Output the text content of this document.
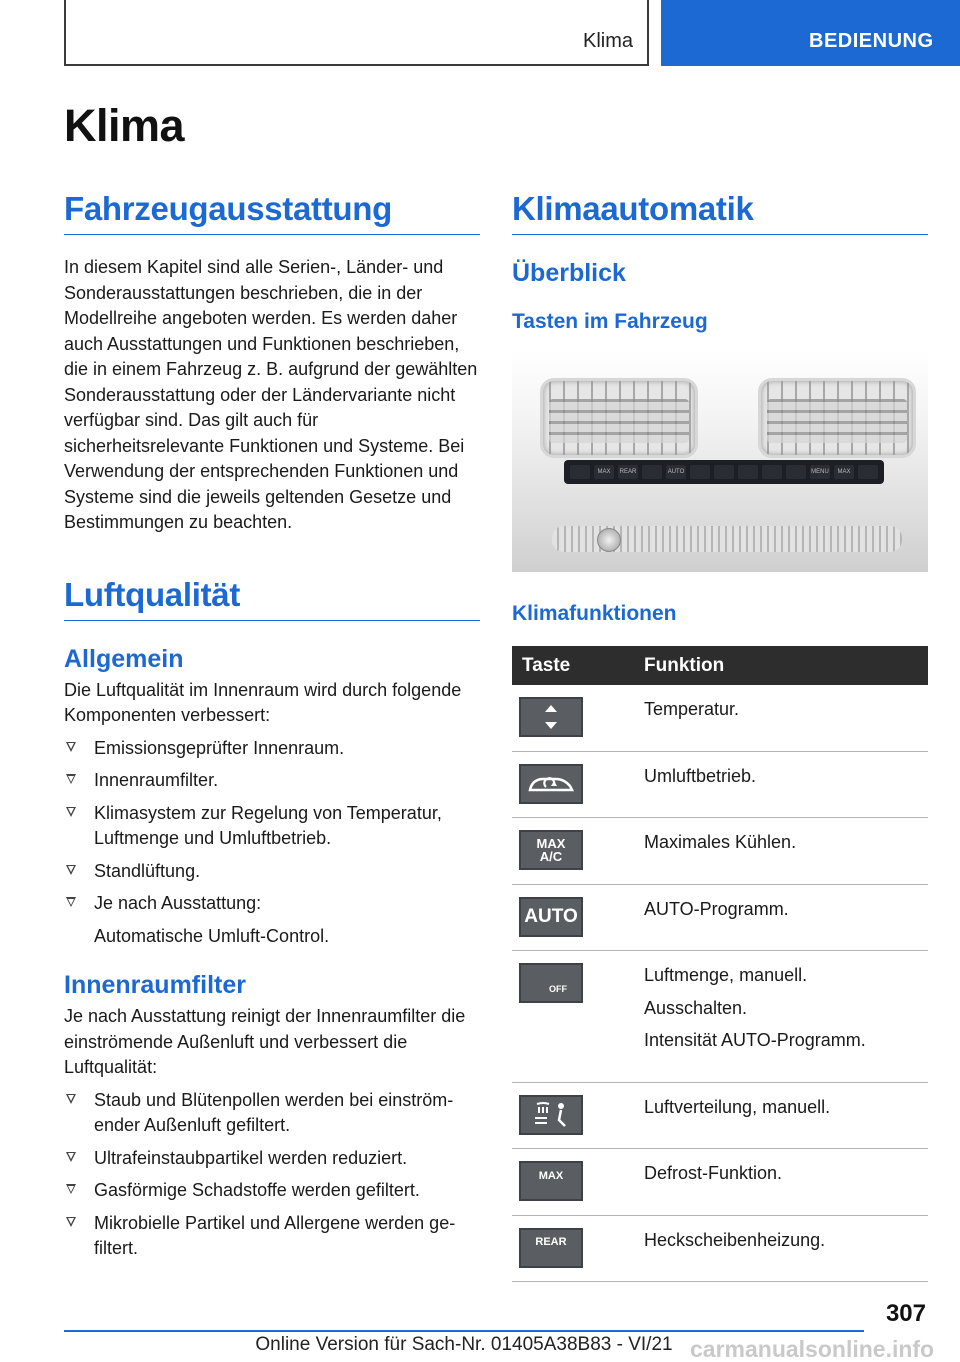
Klima	BEDIENUNG
Klima
Fahrzeugausstattung

In diesem Kapitel sind alle Serien-, Länder- und Sonderausstattungen beschrieben, die in der Modellreihe angeboten werden. Es werden daher auch Ausstattungen und Funktionen beschrieben, die in einem Fahrzeug z. B. aufgrund der gewählten Sonderausstattung oder der Ländervariante nicht verfügbar sind. Das gilt auch für sicherheitsrelevante Funktionen und Systeme. Bei Verwendung der entsprechenden Funktionen und Systeme sind die jeweils geltenden Gesetze und Bestimmungen zu beachten.

Luftqualität
Allgemein

Die Luftqualität im Innenraum wird durch folgende Komponenten verbessert:

Emissionsgeprüfter Innenraum.
Innenraumfilter.
Klimasystem zur Regelung von Temperatur, Luftmenge und Umluftbetrieb.
Standlüftung.
Je nach Ausstattung:
Automatische Umluft-Control.
Innenraumfilter

Je nach Ausstattung reinigt der Innenraumfilter die einströmende Außenluft und verbessert die Luftqualität:

Staub und Blütenpollen werden bei einströmender Außenluft gefiltert.
Ultrafeinstaubpartikel werden reduziert.
Gasförmige Schadstoffe werden gefiltert.
Mikrobielle Partikel und Allergene werden gefiltert.
Klimaautomatik
Überblick
Tasten im Fahrzeug
MAX	REAR	AUTO	MENU	MAX
Klimafunktionen
Taste	Funktion

Temperatur.

Umluftbetrieb.

MAX
A/C	Maximales Kühlen.

AUTO	AUTO-Programm.

OFF	Luftmenge, manuell.
Ausschalten.
Intensität AUTO-Programm.

Luftverteilung, manuell.

MAX	Defrost-Funktion.

REAR	Heckscheibenheizung.
307
Online Version für Sach-Nr. 01405A38B83 - VI/21 carmanualsonline.info
